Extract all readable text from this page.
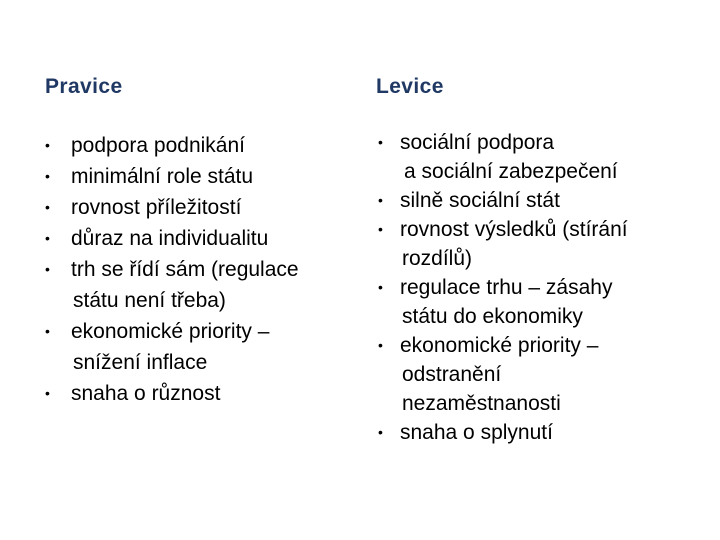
Pravice
• podpora podnikání
• minimální role státu
• rovnost příležitostí
• důraz na individualitu
• trh se řídí sám (regulace
státu není třeba)
• ekonomické priority –
snížení inflace
• snaha o různost
Levice
• sociální podpora
a sociální zabezpečení
• silně sociální stát
• rovnost výsledků (stírání
rozdílů)
• regulace trhu – zásahy
státu do ekonomiky
• ekonomické priority –
odstranění
nezaměstnanosti
• snaha o splynutí
